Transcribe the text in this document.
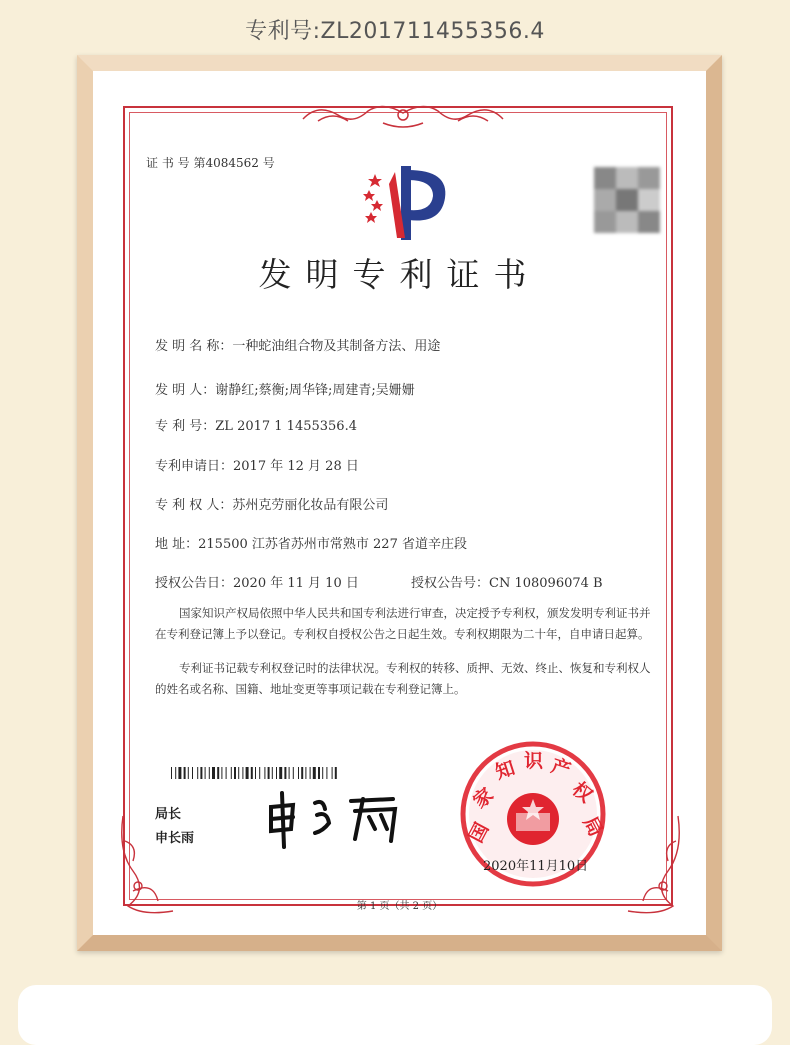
专利号:ZL201711455356.4
证 书 号 第4084562 号
发明专利证书
发 明 名 称：一种蛇油组合物及其制备方法、用途
发 明 人：谢静红;蔡衡;周华锋;周建青;吴姗姗
专 利 号：ZL 2017 1 1455356.4
专利申请日：2017 年 12 月 28 日
专 利 权 人：苏州克劳丽化妆品有限公司
地 址：215500 江苏省苏州市常熟市 227 省道辛庄段
授权公告日：2020 年 11 月 10 日	授权公告号：CN 108096074 B
国家知识产权局依照中华人民共和国专利法进行审查，决定授予专利权，颁发发明专利证书并在专利登记簿上予以登记。专利权自授权公告之日起生效。专利权期限为二十年，自申请日起算。
专利证书记载专利权登记时的法律状况。专利权的转移、质押、无效、终止、恢复和专利权人的姓名或名称、国籍、地址变更等事项记载在专利登记簿上。
局长
申长雨	国
家
知 识 产
权
局
2020年11月10日
第 1 页（共 2 页）
